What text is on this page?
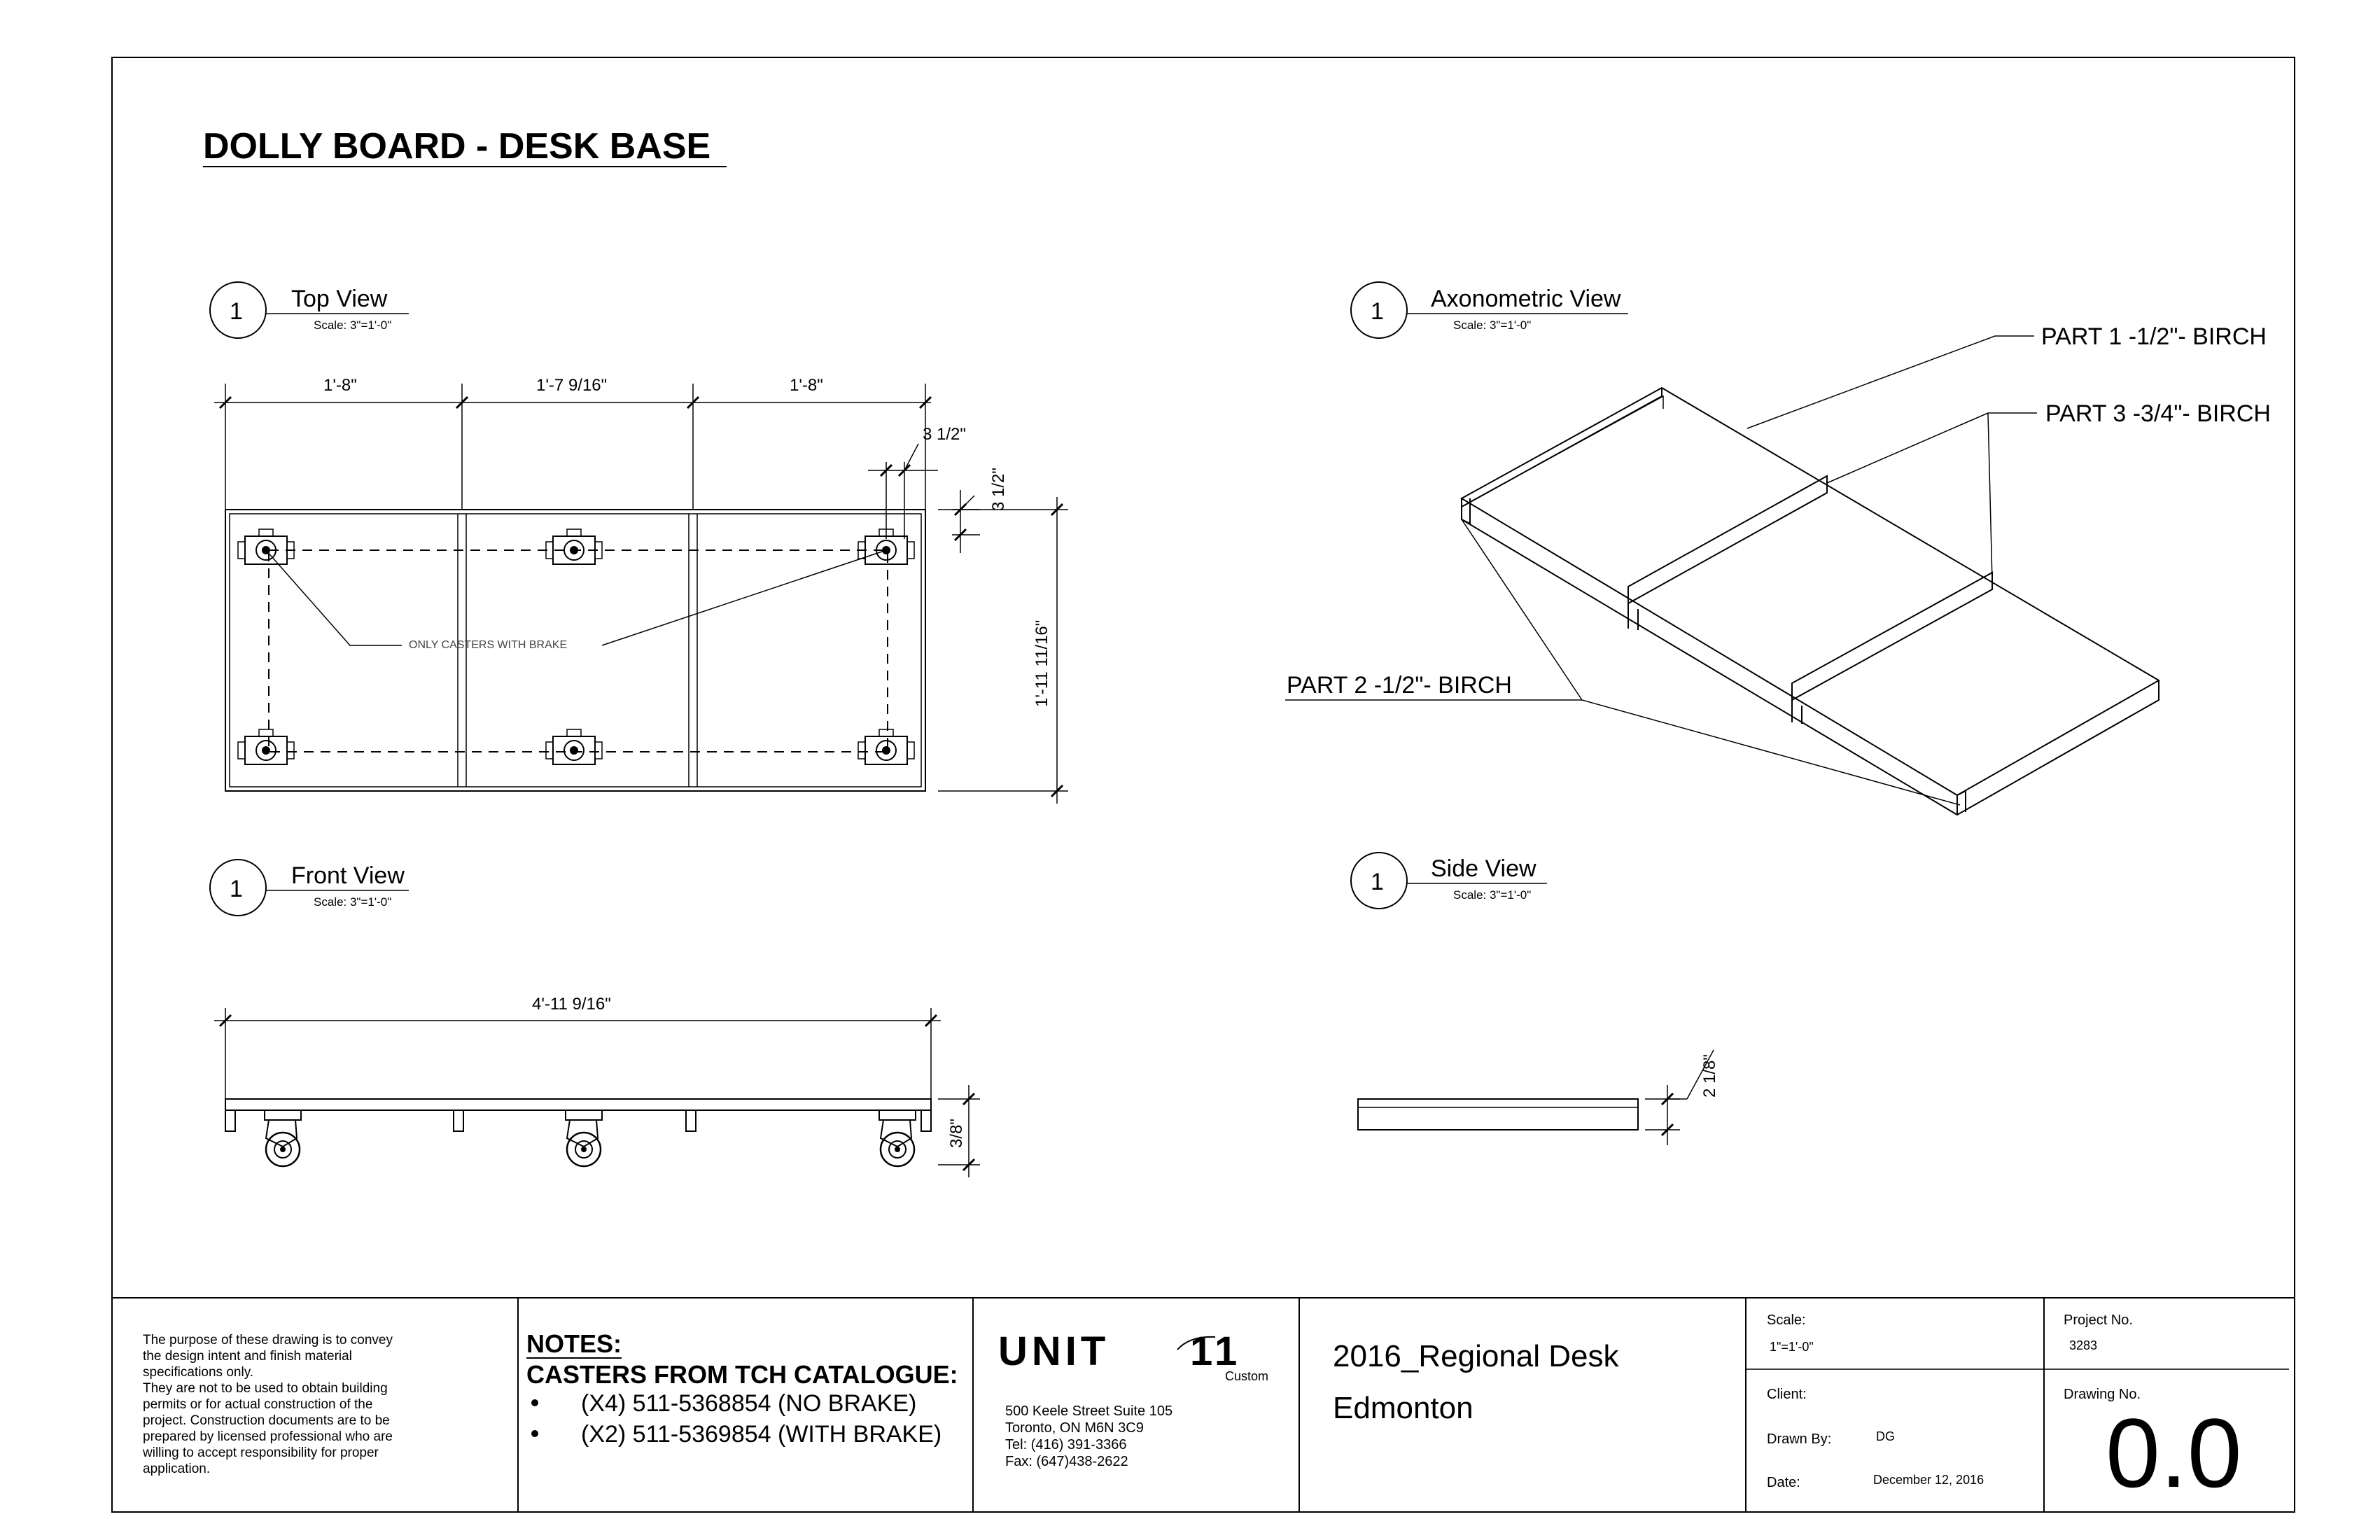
DOLLY BOARD - DESK BASE
1 Top View
Scale: 3"=1'-0"
1'-8"	1'-7 9/16"	1'-8"
3 1/2"
3 1/2"
1'-11 11/16"
ONLY CASTERS WITH BRAKE
1 Axonometric View
Scale: 3"=1'-0"	PART 1 -1/2"- BIRCH
PART 3 -3/4"- BIRCH
PART 2 -1/2"- BIRCH
1 Front View
Scale: 3"=1'-0"
4'-11 9/16"
3/8"
1 Side View
Scale: 3"=1'-0"
2 1/8"
The purpose of these drawing is to convey
the design intent and finish material
specifications only.
They are not to be used to obtain building
permits or for actual construction of the
project. Construction documents are to be
prepared by licensed professional who are
willing to accept responsibility for proper
application.
NOTES:
CASTERS FROM TCH CATALOGUE:
(X4) 511-5368854 (NO BRAKE)
(X2) 511-5369854 (WITH BRAKE)
UNIT 11
Custom
500 Keele Street Suite 105
Toronto, ON M6N 3C9
Tel: (416) 391-3366
Fax: (647)438-2622
2016_Regional Desk
Edmonton
Scale:
1"=1'-0"
Client:
Drawn By:	DG
Date:	December 12, 2016
Project No.
3283
Drawing No.
0.0
